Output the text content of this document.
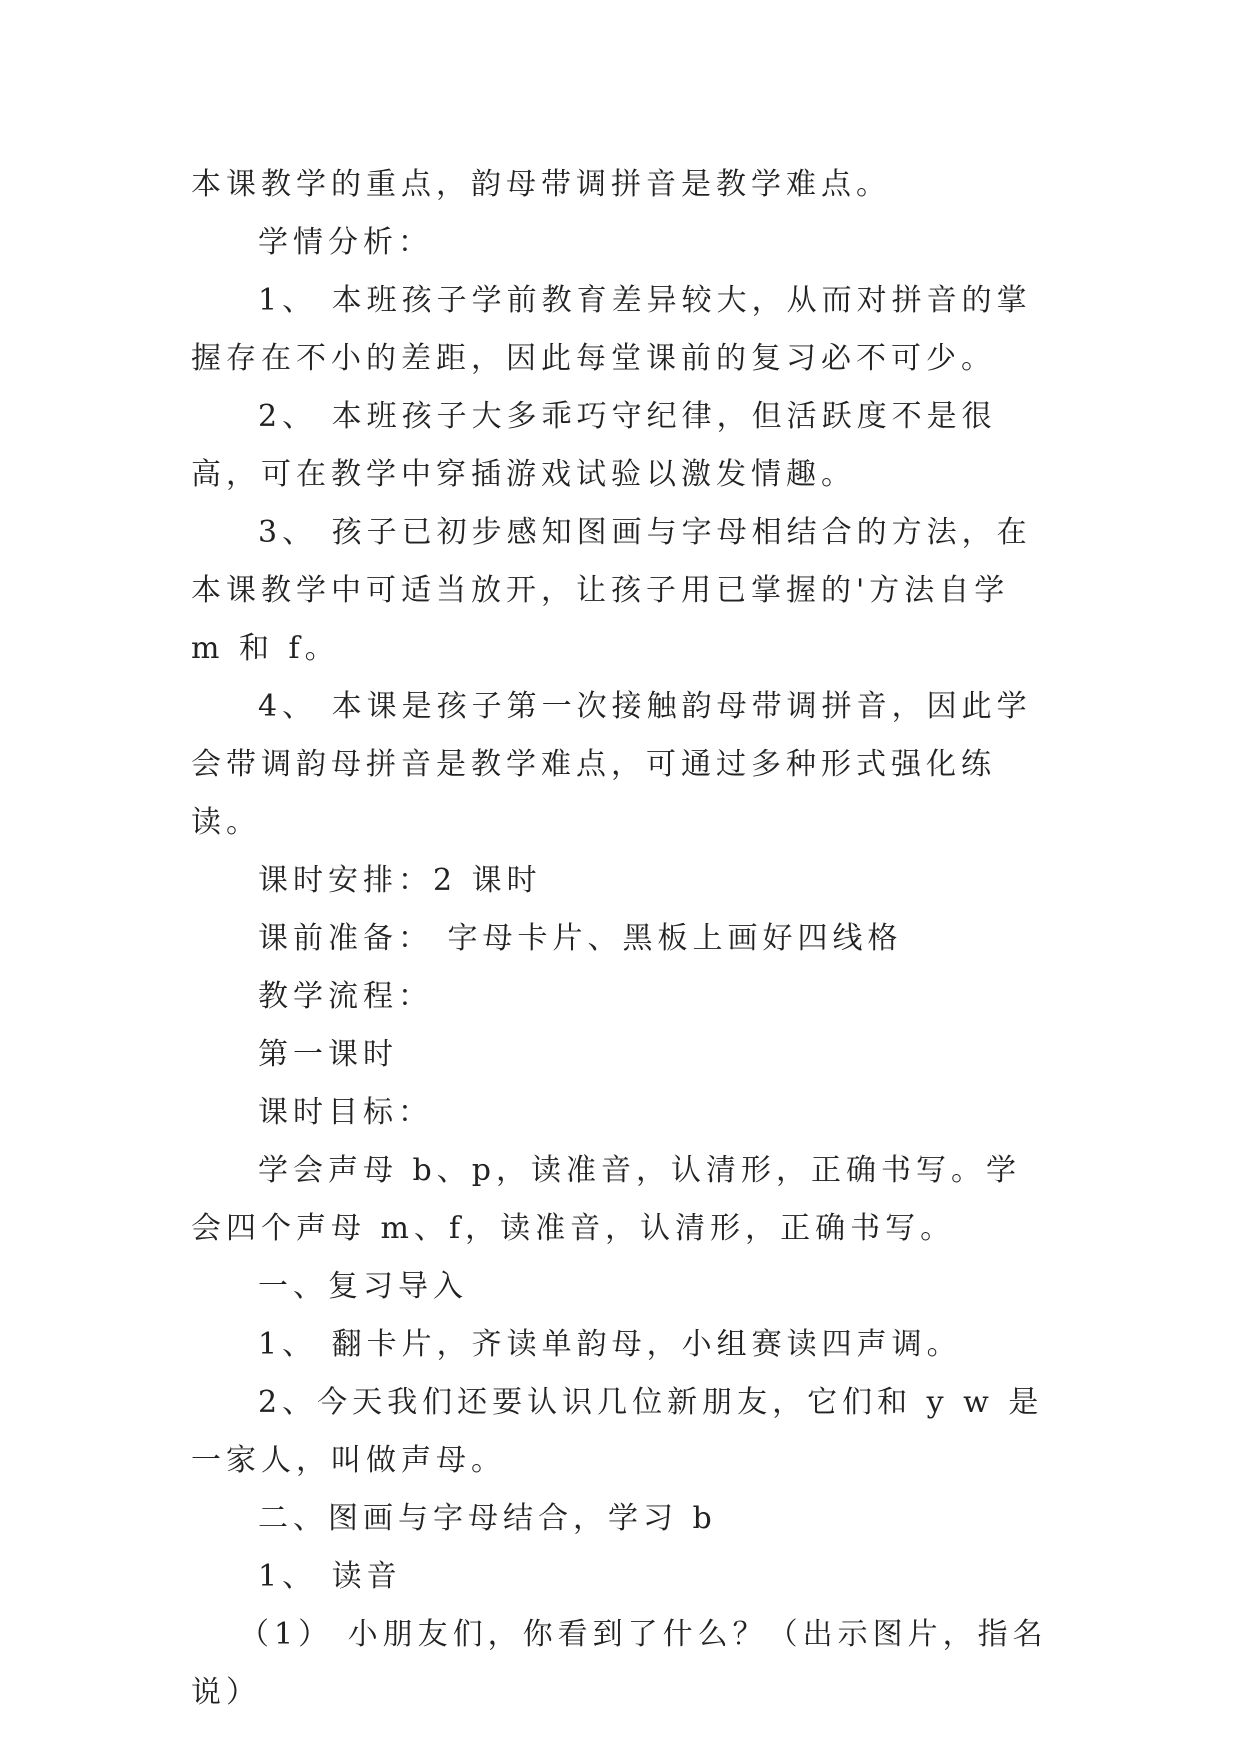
本课教学的重点，韵母带调拼音是教学难点。

学情分析：

1、 本班孩子学前教育差异较大，从而对拼音的掌握存在不小的差距，因此每堂课前的复习必不可少。

2、 本班孩子大多乖巧守纪律，但活跃度不是很高，可在教学中穿插游戏试验以激发情趣。

3、 孩子已初步感知图画与字母相结合的方法，在本课教学中可适当放开，让孩子用已掌握的'方法自学 m 和 f。

4、 本课是孩子第一次接触韵母带调拼音，因此学会带调韵母拼音是教学难点，可通过多种形式强化练读。

课时安排：2 课时

课前准备： 字母卡片、黑板上画好四线格

教学流程：

第一课时

课时目标：

学会声母 b、p，读准音，认清形，正确书写。学会四个声母 m、f，读准音，认清形，正确书写。

一、复习导入

1、 翻卡片，齐读单韵母，小组赛读四声调。

2、今天我们还要认识几位新朋友，它们和 y w 是一家人，叫做声母。

二、图画与字母结合，学习 b

1、 读音

（1） 小朋友们，你看到了什么？（出示图片，指名说）
